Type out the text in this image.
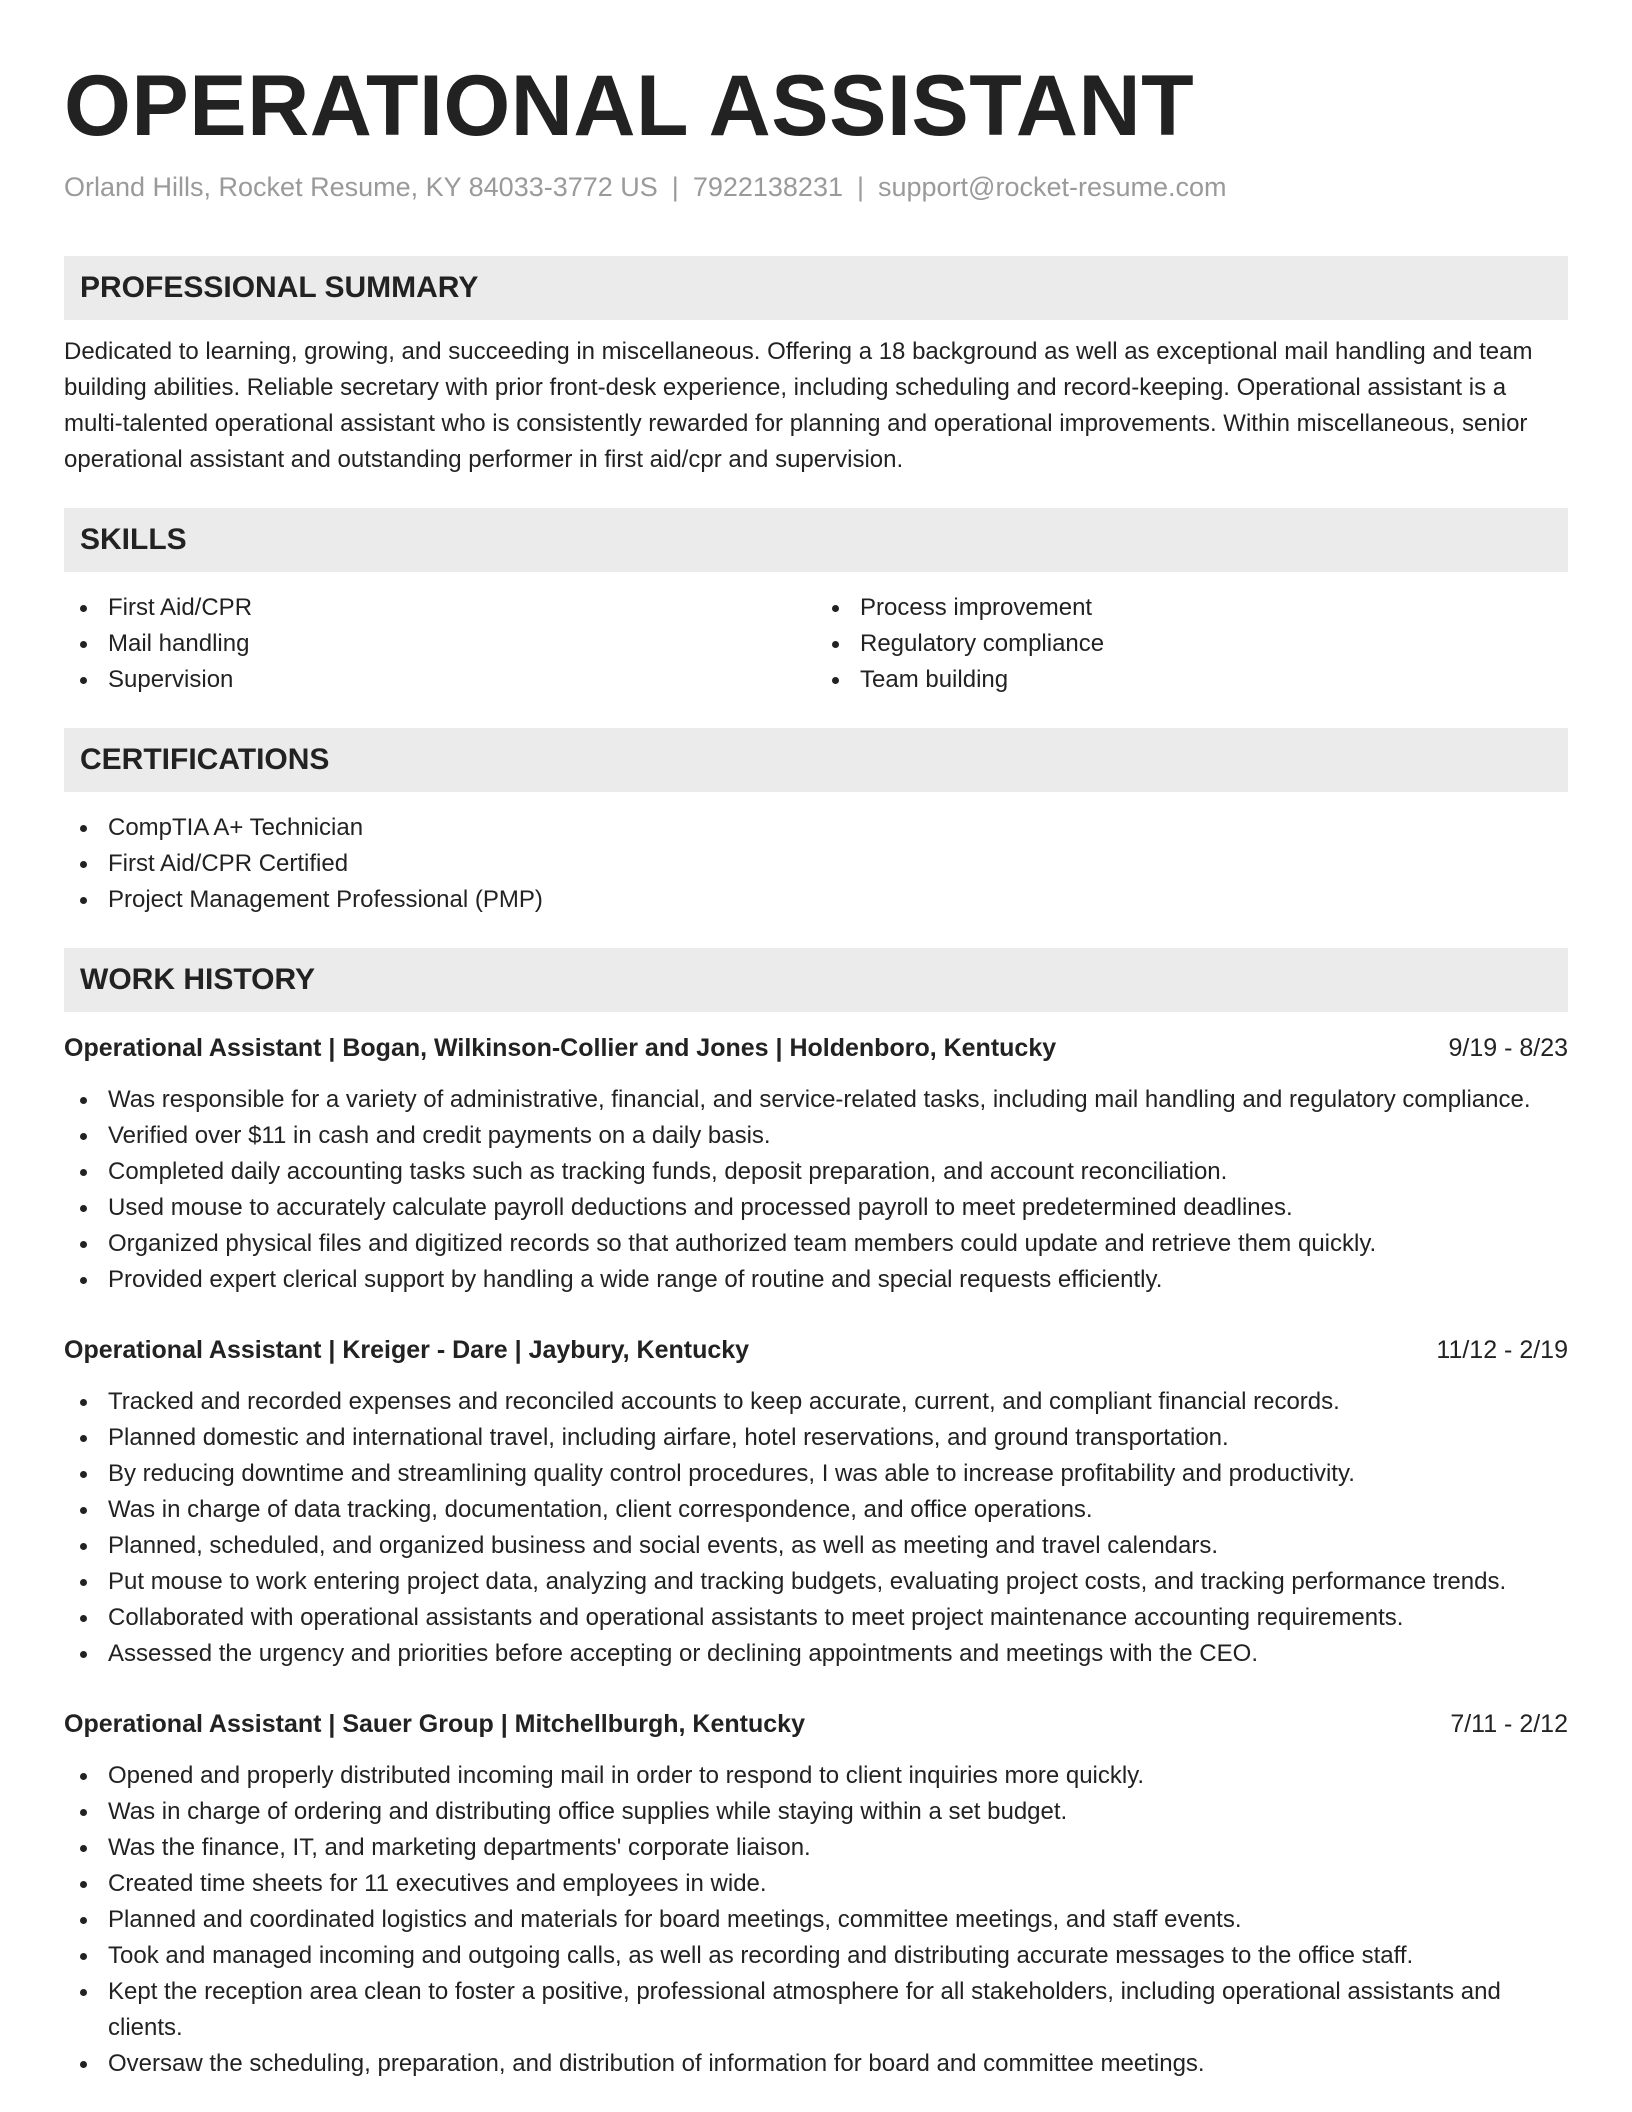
OPERATIONAL ASSISTANT
Orland Hills, Rocket Resume, KY 84033-3772 US | 7922138231 | support@rocket-resume.com
PROFESSIONAL SUMMARY
Dedicated to learning, growing, and succeeding in miscellaneous. Offering a 18 background as well as exceptional mail handling and team building abilities. Reliable secretary with prior front-desk experience, including scheduling and record-keeping. Operational assistant is a multi-talented operational assistant who is consistently rewarded for planning and operational improvements. Within miscellaneous, senior operational assistant and outstanding performer in first aid/cpr and supervision.
SKILLS
First Aid/CPR
Mail handling
Supervision
Process improvement
Regulatory compliance
Team building
CERTIFICATIONS
CompTIA A+ Technician
First Aid/CPR Certified
Project Management Professional (PMP)
WORK HISTORY
Operational Assistant | Bogan, Wilkinson-Collier and Jones | Holdenboro, Kentucky	9/19 - 8/23
Was responsible for a variety of administrative, financial, and service-related tasks, including mail handling and regulatory compliance.
Verified over $11 in cash and credit payments on a daily basis.
Completed daily accounting tasks such as tracking funds, deposit preparation, and account reconciliation.
Used mouse to accurately calculate payroll deductions and processed payroll to meet predetermined deadlines.
Organized physical files and digitized records so that authorized team members could update and retrieve them quickly.
Provided expert clerical support by handling a wide range of routine and special requests efficiently.
Operational Assistant | Kreiger - Dare | Jaybury, Kentucky	11/12 - 2/19
Tracked and recorded expenses and reconciled accounts to keep accurate, current, and compliant financial records.
Planned domestic and international travel, including airfare, hotel reservations, and ground transportation.
By reducing downtime and streamlining quality control procedures, I was able to increase profitability and productivity.
Was in charge of data tracking, documentation, client correspondence, and office operations.
Planned, scheduled, and organized business and social events, as well as meeting and travel calendars.
Put mouse to work entering project data, analyzing and tracking budgets, evaluating project costs, and tracking performance trends.
Collaborated with operational assistants and operational assistants to meet project maintenance accounting requirements.
Assessed the urgency and priorities before accepting or declining appointments and meetings with the CEO.
Operational Assistant | Sauer Group | Mitchellburgh, Kentucky	7/11 - 2/12
Opened and properly distributed incoming mail in order to respond to client inquiries more quickly.
Was in charge of ordering and distributing office supplies while staying within a set budget.
Was the finance, IT, and marketing departments' corporate liaison.
Created time sheets for 11 executives and employees in wide.
Planned and coordinated logistics and materials for board meetings, committee meetings, and staff events.
Took and managed incoming and outgoing calls, as well as recording and distributing accurate messages to the office staff.
Kept the reception area clean to foster a positive, professional atmosphere for all stakeholders, including operational assistants and clients.
Oversaw the scheduling, preparation, and distribution of information for board and committee meetings.
